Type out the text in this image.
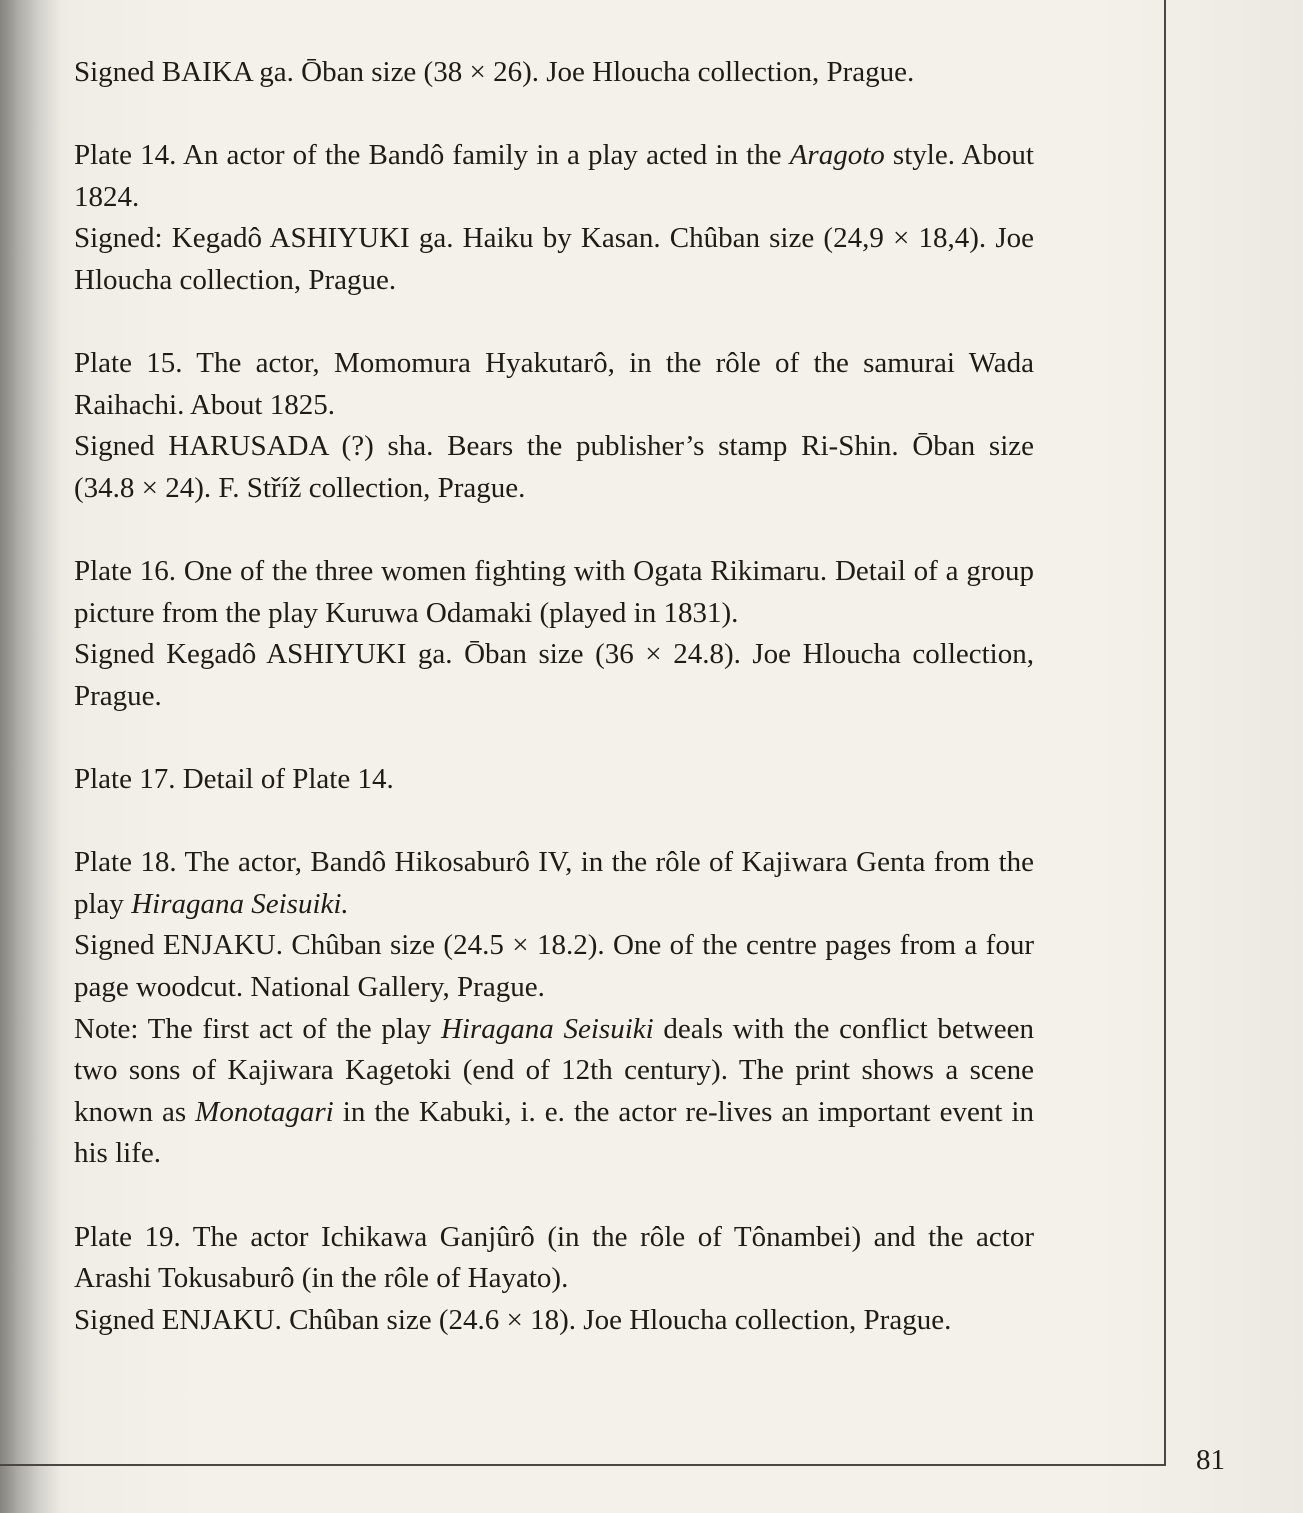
Signed BAIKA ga. Ōban size (38 × 26). Joe Hloucha collection, Prague.

Plate 14. An actor of the Bandô family in a play acted in the Aragoto style. About 1824.

Signed: Kegadô ASHIYUKI ga. Haiku by Kasan. Chûban size (24,9 × 18,4). Joe Hloucha collection, Prague.

Plate 15. The actor, Momomura Hyakutarô, in the rôle of the samurai Wada Raihachi. About 1825.

Signed HARUSADA (?) sha. Bears the publisher’s stamp Ri-Shin. Ōban size (34.8 × 24). F. Stříž collection, Prague.

Plate 16. One of the three women fighting with Ogata Rikimaru. Detail of a group picture from the play Kuruwa Odamaki (played in 1831).

Signed Kegadô ASHIYUKI ga. Ōban size (36 × 24.8). Joe Hloucha collection, Prague.

Plate 17. Detail of Plate 14.

Plate 18. The actor, Bandô Hikosaburô IV, in the rôle of Kajiwara Genta from the play Hiragana Seisuiki.

Signed ENJAKU. Chûban size (24.5 × 18.2). One of the centre pages from a four page woodcut. National Gallery, Prague.

Note: The first act of the play Hiragana Seisuiki deals with the conflict between two sons of Kajiwara Kagetoki (end of 12th century). The print shows a scene known as Monotagari in the Kabuki, i. e. the actor re-lives an important event in his life.

Plate 19. The actor Ichikawa Ganjûrô (in the rôle of Tônambei) and the actor Arashi Tokusaburô (in the rôle of Hayato).

Signed ENJAKU. Chûban size (24.6 × 18). Joe Hloucha collection, Prague.

81
